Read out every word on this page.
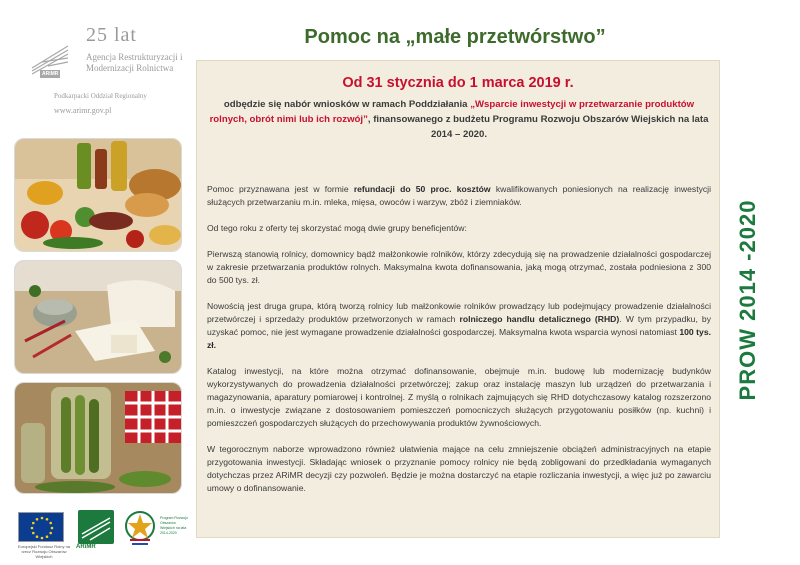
ARiMR
25 lat
Agencja Restrukturyzacji i Modernizacji Rolnictwa
Podkarpacki Oddział Regionalny
www.arimr.gov.pl
Europejski Fundusz Rolny na rzecz Rozwoju Obszarów Wiejskich
ARiMR
Program Rozwoju Obszarów Wiejskich na lata 2014-2020
Pomoc na „małe przetwórstwo”
Od 31 stycznia do 1 marca 2019 r.
odbędzie się nabór wniosków w ramach Poddziałania „Wsparcie inwestycji w przetwarzanie produktów rolnych, obrót nimi lub ich rozwój”, finansowanego z budżetu Programu Rozwoju Obszarów Wiejskich na lata 2014 – 2020.

Pomoc przyznawana jest w formie refundacji do 50 proc. kosztów kwalifikowanych poniesionych na realizację inwestycji służących przetwarzaniu m.in. mleka, mięsa, owoców i warzyw, zbóż i ziemniaków.

Od tego roku z oferty tej skorzystać mogą dwie grupy beneficjentów:

Pierwszą stanowią rolnicy, domownicy bądź małżonkowie rolników, którzy zdecydują się na prowadzenie działalności gospodarczej w zakresie przetwarzania produktów rolnych. Maksymalna kwota dofinansowania, jaką mogą otrzymać, została podniesiona z 300 do 500 tys. zł.

Nowością jest druga grupa, którą tworzą rolnicy lub małżonkowie rolników prowadzący lub podejmujący prowadzenie działalności przetwórczej i sprzedaży produktów przetworzonych w ramach rolniczego handlu detalicznego (RHD). W tym przypadku, by uzyskać pomoc, nie jest wymagane prowadzenie działalności gospodarczej. Maksymalna kwota wsparcia wynosi natomiast 100 tys. zł.

Katalog inwestycji, na które można otrzymać dofinansowanie, obejmuje m.in. budowę lub modernizację budynków wykorzystywanych do prowadzenia działalności przetwórczej; zakup oraz instalację maszyn lub urządzeń do przetwarzania i magazynowania, aparatury pomiarowej i kontrolnej. Z myślą o rolnikach zajmujących się RHD dotychczasowy katalog rozszerzono m.in. o inwestycje związane z dostosowaniem pomieszczeń pomocniczych służących przygotowaniu posiłków (np. kuchni) i pomieszczeń gospodarczych służących do przechowywania produktów żywnościowych.

W tegorocznym naborze wprowadzono również ułatwienia mające na celu zmniejszenie obciążeń administracyjnych na etapie przygotowania inwestycji. Składając wniosek o przyznanie pomocy rolnicy nie będą zobligowani do przedkładania wymaganych dotychczas przez ARiMR decyzji czy pozwoleń. Będzie je można dostarczyć na etapie rozliczania inwestycji, a więc już po zawarciu umowy o dofinansowanie.

PROW 2014 -2020
